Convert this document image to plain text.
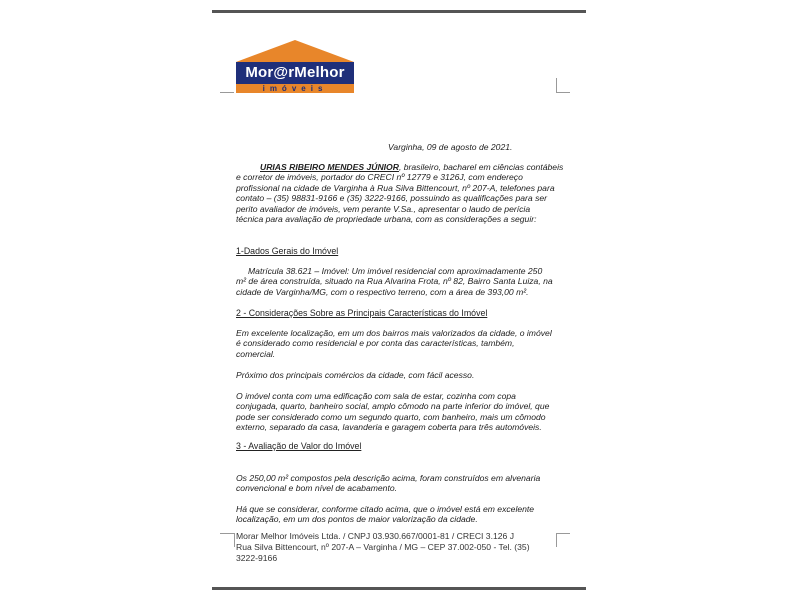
Mor@rMelhor
imóveis
Varginha, 09 de agosto de 2021.
URIAS RIBEIRO MENDES JÚNIOR, brasileiro, bacharel em ciências contábeis
e corretor de imóveis, portador do CRECI nº 12779 e 3126J, com endereço
profissional na cidade de Varginha à Rua Silva Bittencourt, nº 207-A, telefones para
contato – (35) 98831-9166 e (35) 3222-9166, possuindo as qualificações para ser
perito avaliador de imóveis, vem perante V.Sa., apresentar o laudo de perícia
técnica para avaliação de propriedade urbana, com as considerações a seguir:
1-Dados Gerais do Imóvel
Matrícula 38.621 – Imóvel: Um imóvel residencial com aproximadamente 250
m² de área construída, situado na Rua Alvarina Frota, nº 82, Bairro Santa Luiza, na
cidade de Varginha/MG, com o respectivo terreno, com a área de 393,00 m².
2 - Considerações Sobre as Principais Características do Imóvel
Em excelente localização, em um dos bairros mais valorizados da cidade, o imóvel
é considerado como residencial e por conta das características, também,
comercial.
Próximo dos principais comércios da cidade, com fácil acesso.
O imóvel conta com uma edificação com sala de estar, cozinha com copa
conjugada, quarto, banheiro social, amplo cômodo na parte inferior do imóvel, que
pode ser considerado como um segundo quarto, com banheiro, mais um cômodo
externo, separado da casa, lavanderia e garagem coberta para três automóveis.
3 - Avaliação de Valor do Imóvel
Os 250,00 m² compostos pela descrição acima, foram construídos em alvenaria
convencional e bom nível de acabamento.
Há que se considerar, conforme citado acima, que o imóvel está em excelente
localização, em um dos pontos de maior valorização da cidade.
Morar Melhor Imóveis Ltda. / CNPJ 03.930.667/0001-81 / CRECI 3.126 J
Rua Silva Bittencourt, nº 207-A – Varginha / MG – CEP 37.002-050 - Tel. (35)
3222-9166
